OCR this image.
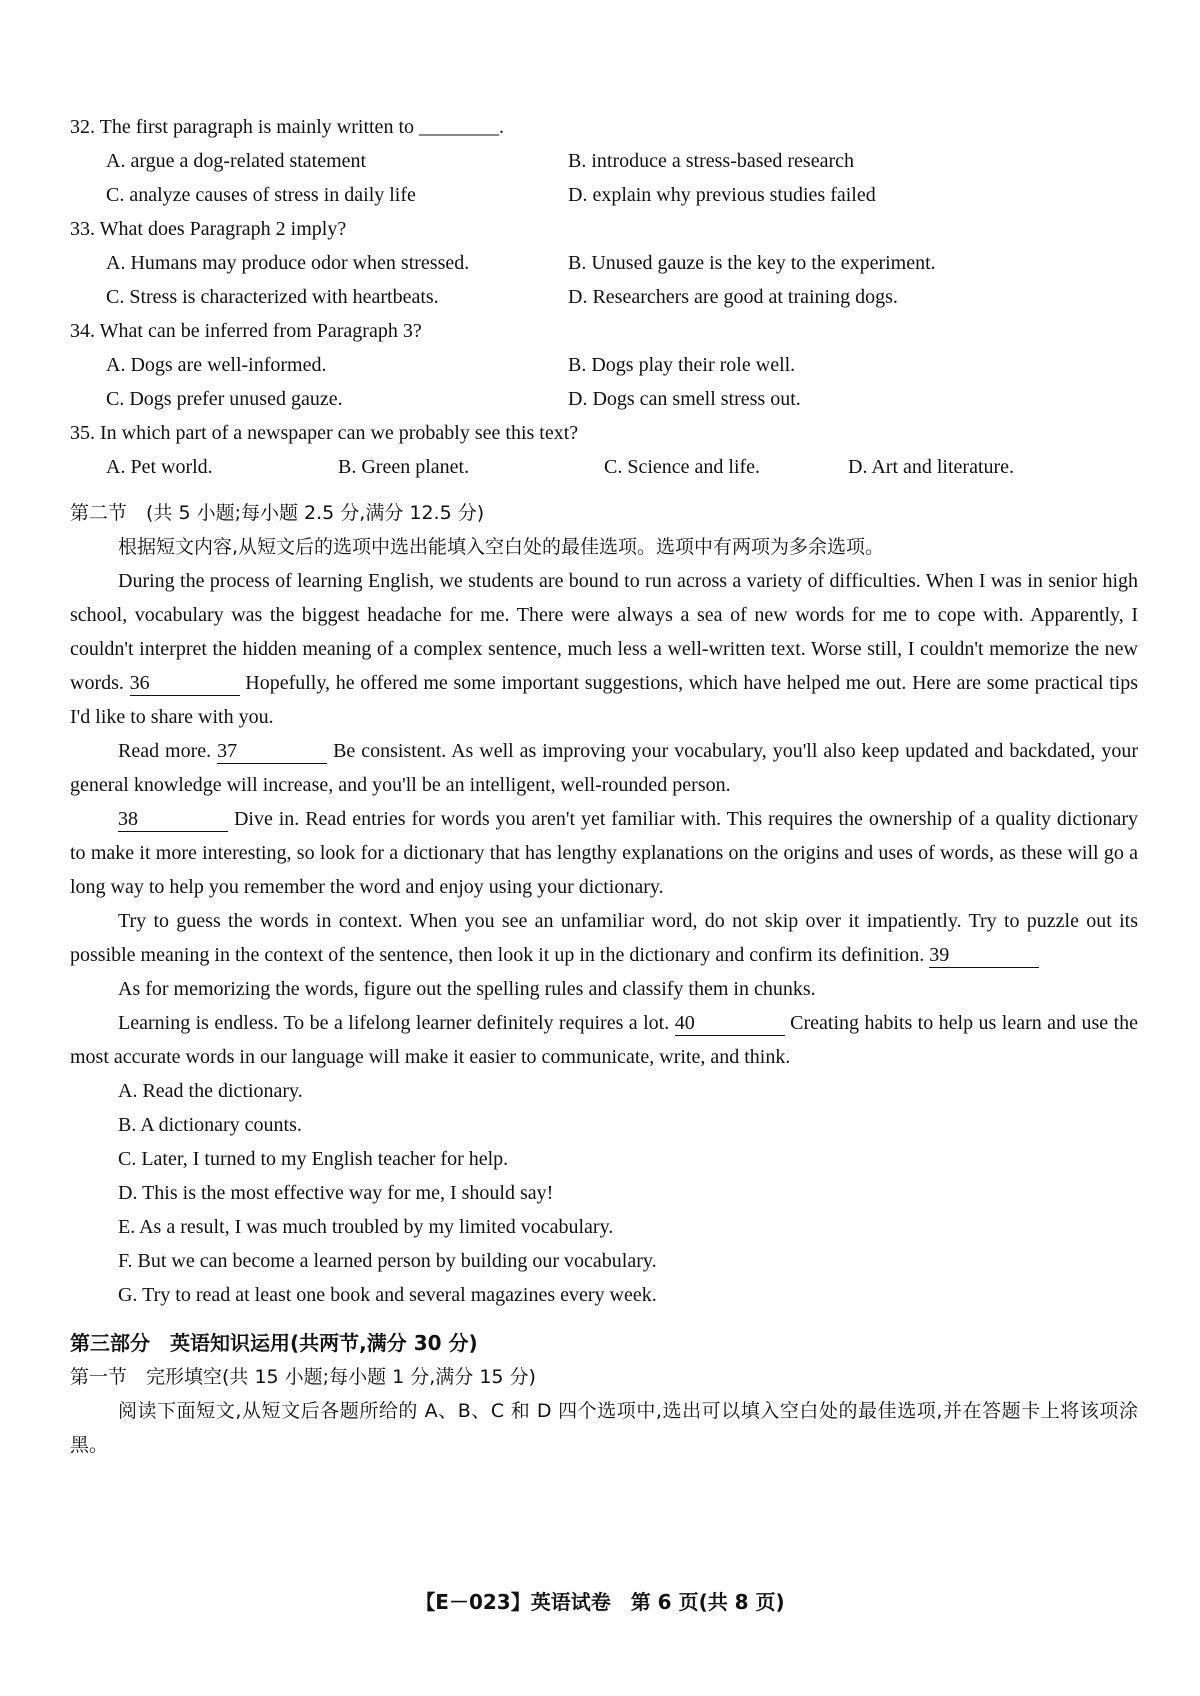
32. The first paragraph is mainly written to ________.
A. argue a dog-related statement	B. introduce a stress-based research
C. analyze causes of stress in daily life	D. explain why previous studies failed
33. What does Paragraph 2 imply?
A. Humans may produce odor when stressed.	B. Unused gauze is the key to the experiment.
C. Stress is characterized with heartbeats.	D. Researchers are good at training dogs.
34. What can be inferred from Paragraph 3?
A. Dogs are well-informed.	B. Dogs play their role well.
C. Dogs prefer unused gauze.	D. Dogs can smell stress out.
35. In which part of a newspaper can we probably see this text?
A. Pet world.	B. Green planet.	C. Science and life.	D. Art and literature.
第二节　(共 5 小题;每小题 2.5 分,满分 12.5 分)
根据短文内容,从短文后的选项中选出能填入空白处的最佳选项。选项中有两项为多余选项。
During the process of learning English, we students are bound to run across a variety of difficulties. When I was in senior high school, vocabulary was the biggest headache for me. There were always a sea of new words for me to cope with. Apparently, I couldn't interpret the hidden meaning of a complex sentence, much less a well-written text. Worse still, I couldn't memorize the new words. 36	Hopefully, he offered me some important suggestions, which have helped me out. Here are some practical tips I'd like to share with you.
Read more. 37	Be consistent. As well as improving your vocabulary, you'll also keep updated and backdated, your general knowledge will increase, and you'll be an intelligent, well-rounded person.
38	Dive in. Read entries for words you aren't yet familiar with. This requires the ownership of a quality dictionary to make it more interesting, so look for a dictionary that has lengthy explanations on the origins and uses of words, as these will go a long way to help you remember the word and enjoy using your dictionary.
Try to guess the words in context. When you see an unfamiliar word, do not skip over it impatiently. Try to puzzle out its possible meaning in the context of the sentence, then look it up in the dictionary and confirm its definition. 39
As for memorizing the words, figure out the spelling rules and classify them in chunks.
Learning is endless. To be a lifelong learner definitely requires a lot. 40	Creating habits to help us learn and use the most accurate words in our language will make it easier to communicate, write, and think.
A. Read the dictionary.
B. A dictionary counts.
C. Later, I turned to my English teacher for help.
D. This is the most effective way for me, I should say!
E. As a result, I was much troubled by my limited vocabulary.
F. But we can become a learned person by building our vocabulary.
G. Try to read at least one book and several magazines every week.
第三部分　英语知识运用(共两节,满分 30 分)
第一节　完形填空(共 15 小题;每小题 1 分,满分 15 分)
阅读下面短文,从短文后各题所给的 A、B、C 和 D 四个选项中,选出可以填入空白处的最佳选项,并在答题卡上将该项涂黑。
【E－023】英语试卷　第 6 页(共 8 页)
